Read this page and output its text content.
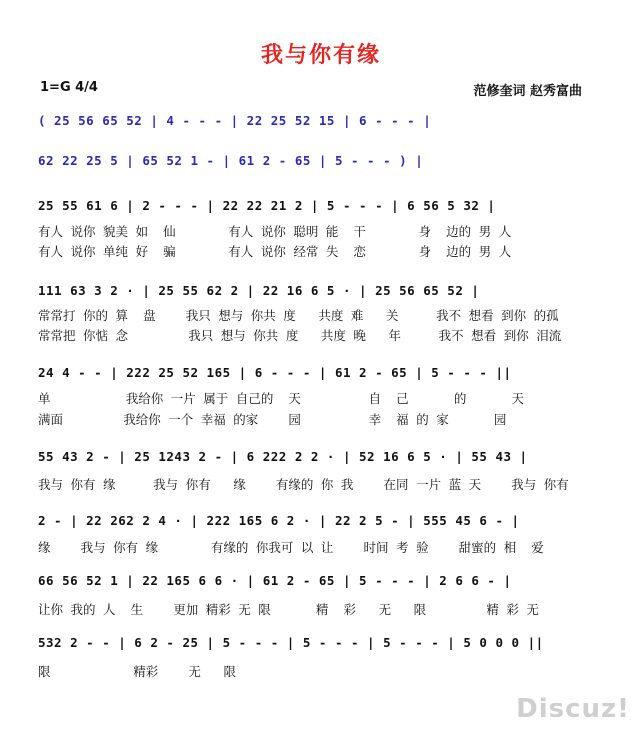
我与你有缘
1=G 4/4	范修奎词 赵秀富曲
( 25 56 65 52 | 4 - - - | 22 25 52 15 | 6 - - - |
62 22 25 5 | 65 52 1 - | 61 2 - 65 | 5 - - - ) |
25 55 61 6 | 2 - - - | 22 22 21 2 | 5 - - - | 6 56 5 32 |
有人 说你 貌美 如  仙       有人 说你 聪明 能  干       身  边的 男 人
有人 说你 单纯 好  骗       有人 说你 经常 失  恋       身  边的 男 人
111 63 3 2 · | 25 55 62 2 | 22 16 6 5 · | 25 56 65 52 |
常常打 你的 算  盘    我只 想与 你共 度   共度 难   关     我不 想看 到你 的孤
常常把 你惦 念        我只 想与 你共 度   共度 晚   年     我不 想看 到你 泪流
24 4 - - | 222 25 52 165 | 6 - - - | 61 2 - 65 | 5 - - - ||
单          我给你 一片 属于 自己的  天         自  己      的      天
满面        我给你 一个 幸福 的家    园         幸  福 的 家      园
55 43 2 - | 25 1243 2 - | 6 222 2 2 · | 52 16 6 5 · | 55 43 |
我与 你有 缘     我与 你有   缘    有缘的 你 我    在同 一片 蓝 天    我与 你有
2 - | 22 262 2 4 · | 222 165 6 2 · | 22 2 5 - | 555 45 6 - |
缘    我与 你有 缘       有缘的 你我可 以 让    时间 考 验    甜蜜的 相  爱
66 56 52 1 | 22 165 6 6 · | 61 2 - 65 | 5 - - - | 2 6 6 - |
让你 我的 人  生    更加 精彩 无 限      精  彩   无   限        精 彩 无
532 2 - - | 6 2 - 25 | 5 - - - | 5 - - - | 5 - - - | 5 0 0 0 ||
限           精彩    无   限
Discuz!
